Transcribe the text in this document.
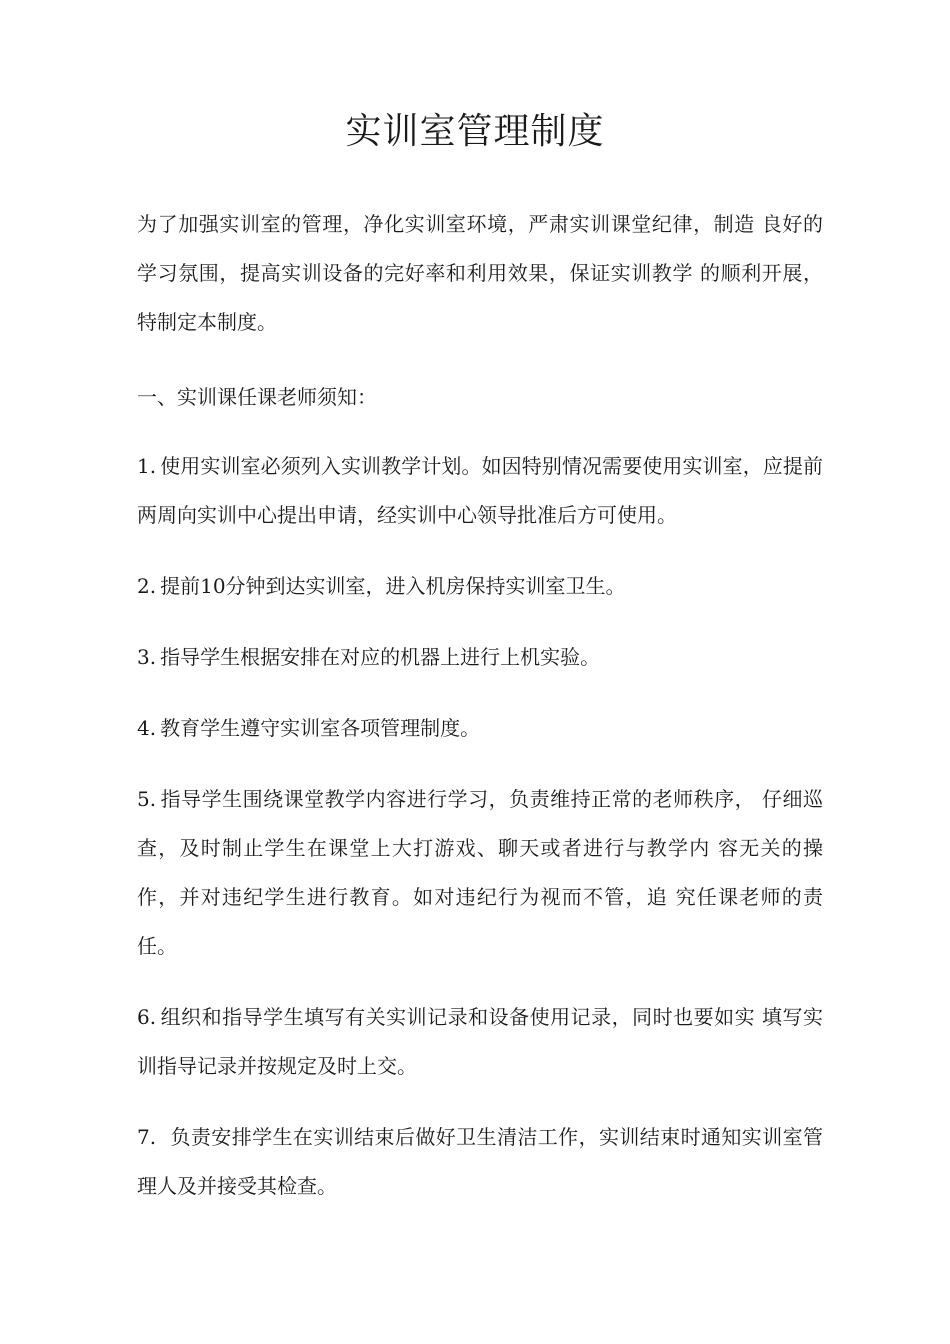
实训室管理制度

为了加强实训室的管理，净化实训室环境，严肃实训课堂纪律，制造 良好的学习氛围，提高实训设备的完好率和利用效果，保证实训教学 的顺利开展，特制定本制度。

一、实训课任课老师须知：

1. 使用实训室必须列入实训教学计划。如因特别情况需要使用实训室，应提前两周向实训中心提出申请，经实训中心领导批准后方可使用。

2. 提前10分钟到达实训室，进入机房保持实训室卫生。

3. 指导学生根据安排在对应的机器上进行上机实验。

4. 教育学生遵守实训室各项管理制度。

5. 指导学生围绕课堂教学内容进行学习，负责维持正常的老师秩序， 仔细巡查，及时制止学生在课堂上大打游戏、聊天或者进行与教学内 容无关的操作，并对违纪学生进行教育。如对违纪行为视而不管，追 究任课老师的责任。

6. 组织和指导学生填写有关实训记录和设备使用记录，同时也要如实 填写实训指导记录并按规定及时上交。

7. 负责安排学生在实训结束后做好卫生清洁工作，实训结束时通知实训室管理人及并接受其检查。
